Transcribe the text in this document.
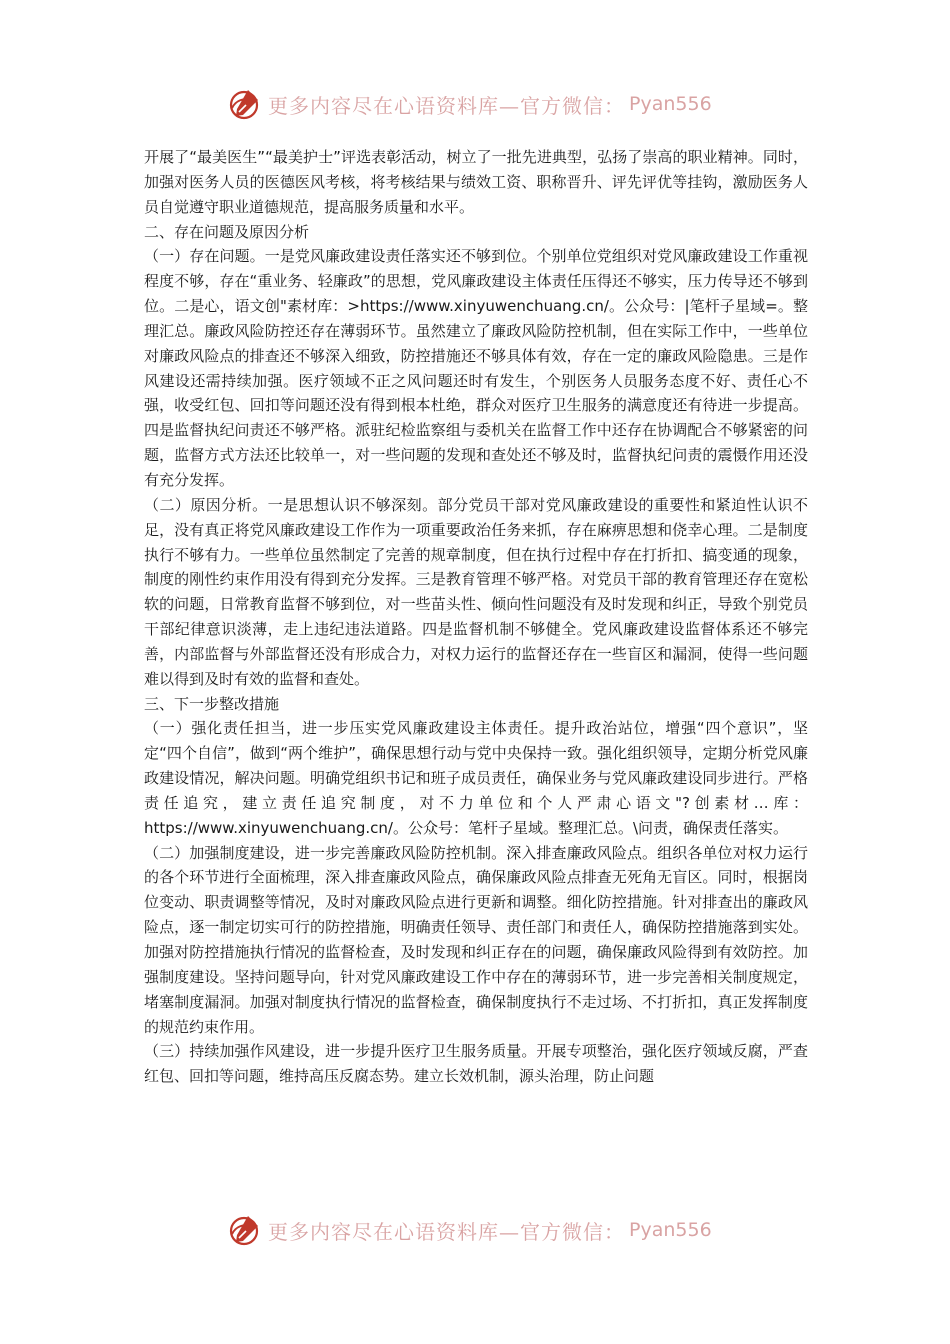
更多内容尽在心语资料库—官方微信： Pyan556

开展了“最美医生”“最美护士”评选表彰活动，树立了一批先进典型，弘扬了崇高的职业精神。同时，加强对医务人员的医德医风考核，将考核结果与绩效工资、职称晋升、评先评优等挂钩，激励医务人员自觉遵守职业道德规范，提高服务质量和水平。

二、存在问题及原因分析

（一）存在问题。一是党风廉政建设责任落实还不够到位。个别单位党组织对党风廉政建设工作重视程度不够，存在“重业务、轻廉政”的思想，党风廉政建设主体责任压得还不够实，压力传导还不够到位。二是心，语文创"素材库：>https://www.xinyuwenchuang.cn/。公众号：|笔杆子星域=。整理汇总。廉政风险防控还存在薄弱环节。虽然建立了廉政风险防控机制，但在实际工作中，一些单位对廉政风险点的排查还不够深入细致，防控措施还不够具体有效，存在一定的廉政风险隐患。三是作风建设还需持续加强。医疗领域不正之风问题还时有发生，个别医务人员服务态度不好、责任心不强，收受红包、回扣等问题还没有得到根本杜绝，群众对医疗卫生服务的满意度还有待进一步提高。四是监督执纪问责还不够严格。派驻纪检监察组与委机关在监督工作中还存在协调配合不够紧密的问题，监督方式方法还比较单一，对一些问题的发现和查处还不够及时，监督执纪问责的震慑作用还没有充分发挥。

（二）原因分析。一是思想认识不够深刻。部分党员干部对党风廉政建设的重要性和紧迫性认识不足，没有真正将党风廉政建设工作作为一项重要政治任务来抓，存在麻痹思想和侥幸心理。二是制度执行不够有力。一些单位虽然制定了完善的规章制度，但在执行过程中存在打折扣、搞变通的现象，制度的刚性约束作用没有得到充分发挥。三是教育管理不够严格。对党员干部的教育管理还存在宽松软的问题，日常教育监督不够到位，对一些苗头性、倾向性问题没有及时发现和纠正，导致个别党员干部纪律意识淡薄，走上违纪违法道路。四是监督机制不够健全。党风廉政建设监督体系还不够完善，内部监督与外部监督还没有形成合力，对权力运行的监督还存在一些盲区和漏洞，使得一些问题难以得到及时有效的监督和查处。

三、下一步整改措施

（一）强化责任担当，进一步压实党风廉政建设主体责任。提升政治站位，增强“四个意识”，坚定“四个自信”，做到“两个维护”，确保思想行动与党中央保持一致。强化组织领导，定期分析党风廉政建设情况，解决问题。明确党组织书记和班子成员责任，确保业务与党风廉政建设同步进行。严格责任追究，建立责任追究制度，对不力单位和个人严肃心语文"?创素材…库：https://www.xinyuwenchuang.cn/。公众号：笔杆子星域。整理汇总。\问责，确保责任落实。

（二）加强制度建设，进一步完善廉政风险防控机制。深入排查廉政风险点。组织各单位对权力运行的各个环节进行全面梳理，深入排查廉政风险点，确保廉政风险点排查无死角无盲区。同时，根据岗位变动、职责调整等情况，及时对廉政风险点进行更新和调整。细化防控措施。针对排查出的廉政风险点，逐一制定切实可行的防控措施，明确责任领导、责任部门和责任人，确保防控措施落到实处。加强对防控措施执行情况的监督检查，及时发现和纠正存在的问题，确保廉政风险得到有效防控。加强制度建设。坚持问题导向，针对党风廉政建设工作中存在的薄弱环节，进一步完善相关制度规定，堵塞制度漏洞。加强对制度执行情况的监督检查，确保制度执行不走过场、不打折扣，真正发挥制度的规范约束作用。

（三）持续加强作风建设，进一步提升医疗卫生服务质量。开展专项整治，强化医疗领域反腐，严查红包、回扣等问题，维持高压反腐态势。建立长效机制，源头治理，防止问题

更多内容尽在心语资料库—官方微信： Pyan556
